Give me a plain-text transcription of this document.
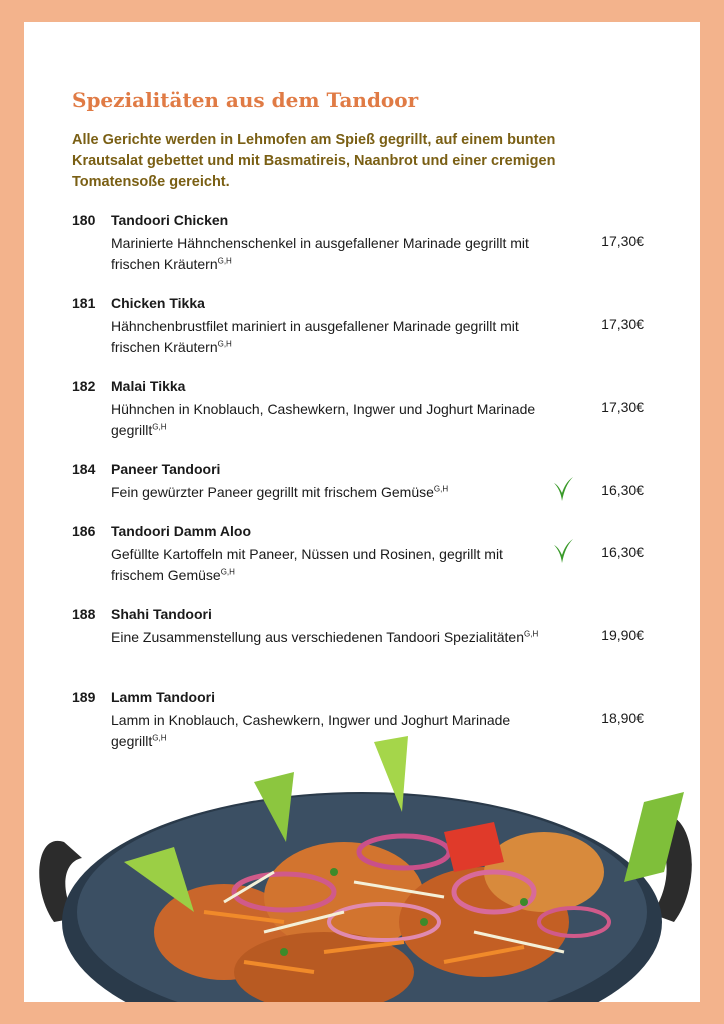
Spezialitäten aus dem Tandoor

Alle Gerichte werden in Lehmofen am Spieß gegrillt, auf einem bunten Krautsalat gebettet und mit Basmatireis, Naanbrot und einer cremigen Tomatensoße gereicht.

180 Tandoori Chicken
Marinierte Hähnchenschenkel in ausgefallener Marinade gegrillt mit frischen Kräutern$^{G,H}$
17,30€
181 Chicken Tikka
Hähnchenbrustfilet mariniert in ausgefallener Marinade gegrillt mit frischen Kräutern$^{G,H}$
17,30€
182 Malai Tikka
Hühnchen in Knoblauch, Cashewkern, Ingwer und Joghurt Marinade gegrillt$^{G,H}$
17,30€
184 Paneer Tandoori
Fein gewürzter Paneer gegrillt mit frischem Gemüse$^{G,H}$	16,30€
186 Tandoori Damm Aloo
Gefüllte Kartoffeln mit Paneer, Nüssen und Rosinen, gegrillt mit frischem Gemüse$^{G,H}$
16,30€
188 Shahi Tandoori
Eine Zusammenstellung aus verschiedenen Tandoori Spezialitäten$^{G,H}$	19,90€
189 Lamm Tandoori
Lamm in Knoblauch, Cashewkern, Ingwer und Joghurt Marinade gegrillt$^{G,H}$
18,90€
